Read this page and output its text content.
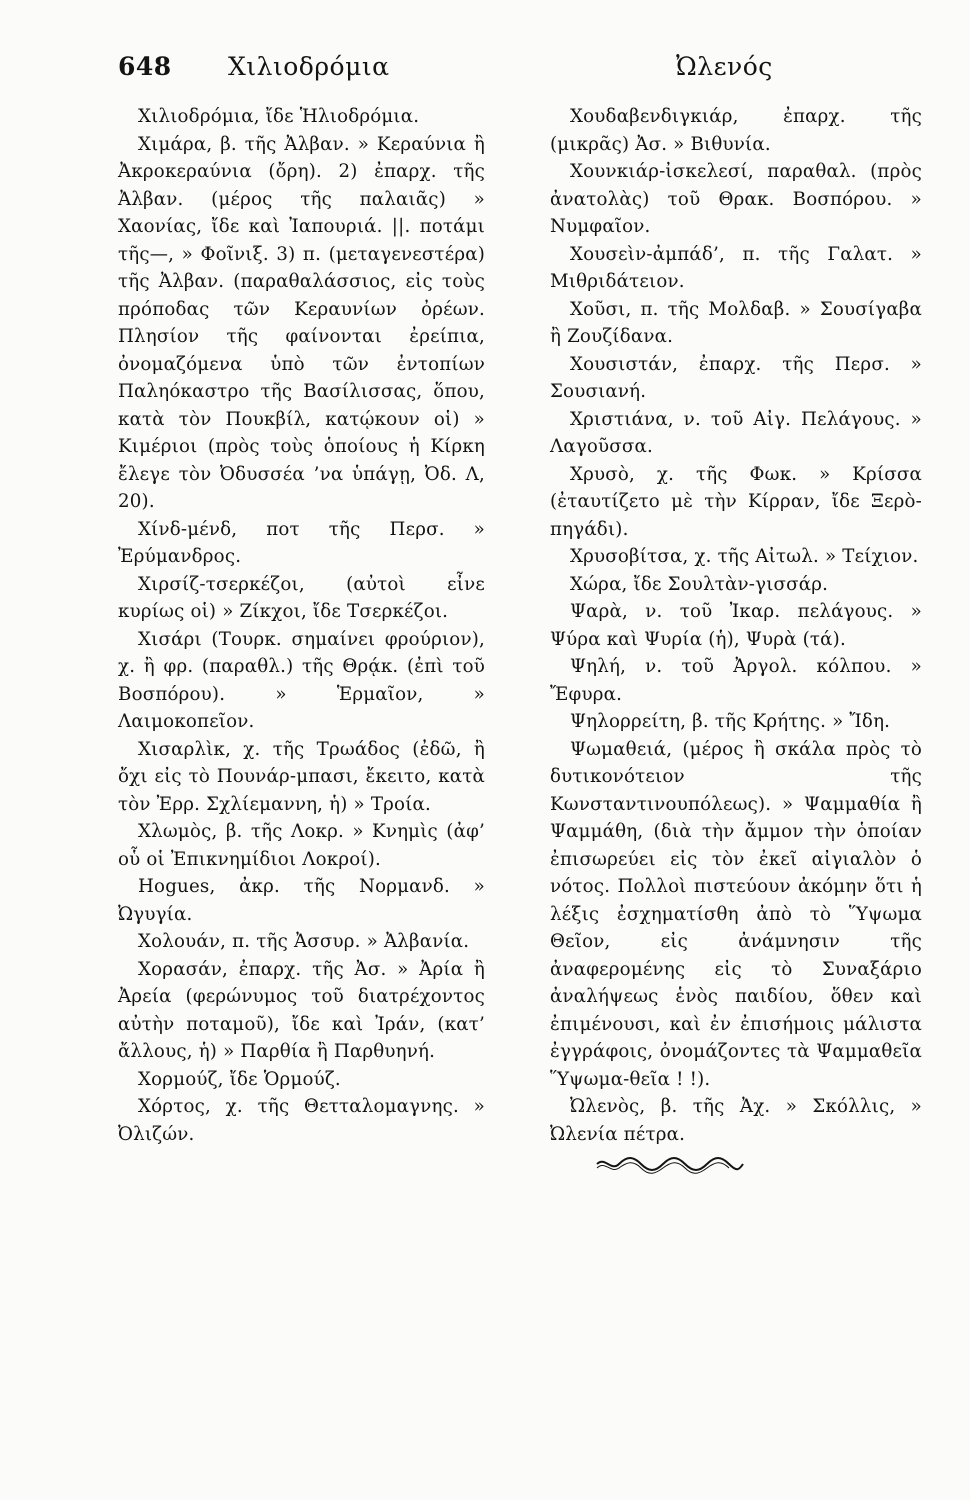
648 Χιλιοδρόμια	Ὠλενός

Χιλιοδρόμια, ἴδε Ἡλιοδρόμια.

Χιμάρα, β. τῆς Ἀλβαν. » Κεραύνια ἢ Ἀκροκεραύνια (ὄρη). 2) ἐπαρχ. τῆς Ἀλβαν. (μέρος τῆς παλαιᾶς) » Χαονίας, ἴδε καὶ Ἰαπουριά. ||. ποτάμι τῆς—, » Φοῖνιξ. 3) π. (μεταγενεστέρα) τῆς Ἀλβαν. (παραθαλάσσιος, εἰς τοὺς πρόποδας τῶν Κεραυνίων ὀρέων. Πλησίον τῆς φαίνονται ἐρείπια, ὀνομαζόμενα ὑπὸ τῶν ἐντοπίων Παληόκαστρο τῆς Βασίλισσας, ὅπου, κατὰ τὸν Πουκβίλ, κατῴκουν οἱ) » Κιμέριοι (πρὸς τοὺς ὁποίους ἡ Κίρκη ἔλεγε τὸν Ὀδυσσέα ’να ὑπάγῃ, Ὀδ. Λ, 20).

Χίνδ-μένδ, ποτ τῆς Περσ. » Ἐρύμανδρος.

Χιρσίζ-τσερκέζοι, (αὐτοὶ εἶνε κυρίως οἱ) » Ζίκχοι, ἴδε Τσερκέζοι.

Χισάρι (Τουρκ. σημαίνει φρούριον), χ. ἢ φρ. (παραθλ.) τῆς Θρᾴκ. (ἐπὶ τοῦ Βοσπόρου). » Ἑρμαῖον, » Λαιμοκοπεῖον.

Χισαρλὶκ, χ. τῆς Τρωάδος (ἐδῶ, ἢ ὄχι εἰς τὸ Πουνάρ-μπασι, ἔκειτο, κατὰ τὸν Ἐρρ. Σχλίεμαννη, ἡ) » Τροία.

Χλωμὸς, β. τῆς Λοκρ. » Κνημὶς (ἀφ’ οὗ οἱ Ἐπικνημίδιοι Λοκροί).

Hogues, ἀκρ. τῆς Νορμανδ. » Ὠγυγία.

Χολουάν, π. τῆς Ἀσσυρ. » Ἀλβανία.

Χορασάν, ἐπαρχ. τῆς Ἀσ. » Ἀρία ἢ Ἀρεία (φερώνυμος τοῦ διατρέχοντος αὐτὴν ποταμοῦ), ἴδε καὶ Ἰράν, (κατ’ ἄλλους, ἡ) » Παρθία ἢ Παρθυηνή.

Χορμούζ, ἴδε Ὁρμούζ.

Χόρτος, χ. τῆς Θετταλομαγνης. » Ὀλιζών.

Χουδαβενδιγκιάρ, ἐπαρχ. τῆς (μικρᾶς) Ἀσ. » Βιθυνία.

Χουνκιάρ-ἰσκελεσί, παραθαλ. (πρὸς ἀνατολὰς) τοῦ Θρακ. Βοσπόρου. » Νυμφαῖον.

Χουσεὶν-ἀμπάδ’, π. τῆς Γαλατ. » Μιθριδάτειον.

Χοῦσι, π. τῆς Μολδαβ. » Σουσίγαβα ἢ Ζουζίδανα.

Χουσιστάν, ἐπαρχ. τῆς Περσ. » Σουσιανή.

Χριστιάνα, ν. τοῦ Αἰγ. Πελάγους. » Λαγοῦσσα.

Χρυσὸ, χ. τῆς Φωκ. » Κρίσσα (ἐταυτίζετο μὲ τὴν Κίρραν, ἴδε Ξερὸ-πηγάδι).

Χρυσοβίτσα, χ. τῆς Αἰτωλ. » Τείχιον.

Χώρα, ἴδε Σουλτὰν-γισσάρ.

Ψαρὰ, ν. τοῦ Ἰκαρ. πελάγους. » Ψύρα καὶ Ψυρία (ἡ), Ψυρὰ (τά).

Ψηλή, ν. τοῦ Ἀργολ. κόλπου. » Ἔφυρα.

Ψηλορρείτη, β. τῆς Κρήτης. » Ἴδη.

Ψωμαθειά, (μέρος ἢ σκάλα πρὸς τὸ δυτικονότειον τῆς Κωνσταντινουπόλεως). » Ψαμμαθία ἢ Ψαμμάθη, (διὰ τὴν ἄμμον τὴν ὁποίαν ἐπισωρεύει εἰς τὸν ἐκεῖ αἰγιαλὸν ὁ νότος. Πολλοὶ πιστεύουν ἀκόμην ὅτι ἡ λέξις ἐσχηματίσθη ἀπὸ τὸ Ὕψωμα Θεῖον, εἰς ἀνάμνησιν τῆς ἀναφερομένης εἰς τὸ Συναξάριο ἀναλήψεως ἑνὸς παιδίου, ὅθεν καὶ ἐπιμένουσι, καὶ ἐν ἐπισήμοις μάλιστα ἐγγράφοις, ὀνομάζοντες τὰ Ψαμμαθεῖα Ὕψωμα-θεῖα ! !).

Ὠλενὸς, β. τῆς Ἀχ. » Σκόλλις, » Ὠλενία πέτρα.
